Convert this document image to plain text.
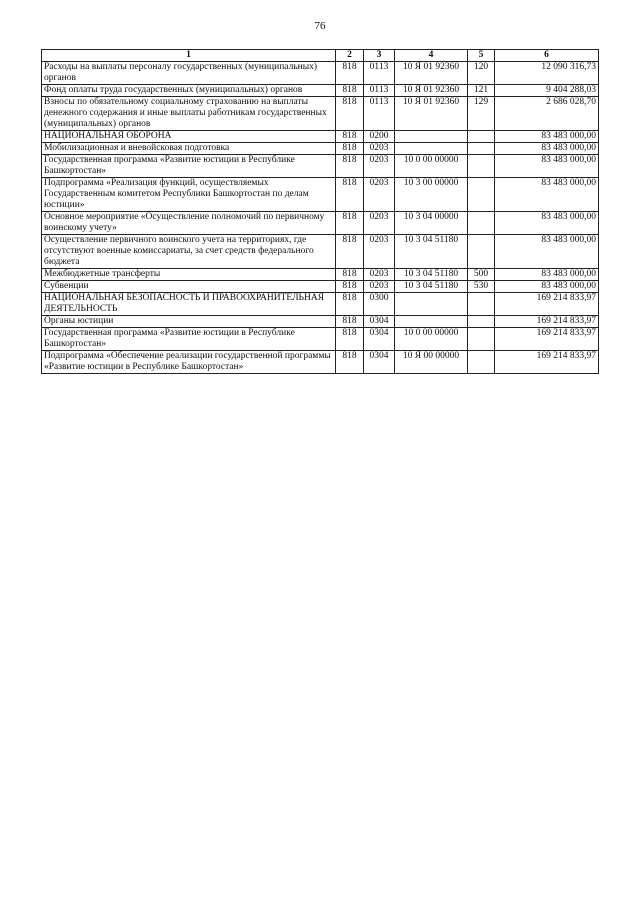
76
1	2	3	4	5	6
Расходы на выплаты персоналу государственных (муниципальных) органов	818	0113	10 Я 01 92360	120	12 090 316,73
Фонд оплаты труда государственных (муниципальных) органов	818	0113	10 Я 01 92360	121	9 404 288,03
Взносы по обязательному социальному страхованию на выплаты денежного содержания и иные выплаты работникам государственных (муниципальных) органов	818	0113	10 Я 01 92360	129	2 686 028,70
НАЦИОНАЛЬНАЯ ОБОРОНА	818	0200			83 483 000,00
Мобилизационная и вневойсковая подготовка	818	0203			83 483 000,00
Государственная программа «Развитие юстиции в Республике Башкортостан»	818	0203	10 0 00 00000		83 483 000,00
Подпрограмма «Реализация функций, осуществляемых Государственным комитетом Республики Башкортостан по делам юстиции»	818	0203	10 3 00 00000		83 483 000,00
Основное мероприятие «Осуществление полномочий по первичному воинскому учету»	818	0203	10 3 04 00000		83 483 000,00
Осуществление первичного воинского учета на территориях, где отсутствуют военные комиссариаты, за счет средств федерального бюджета	818	0203	10 3 04 51180		83 483 000,00
Межбюджетные трансферты	818	0203	10 3 04 51180	500	83 483 000,00
Субвенции	818	0203	10 3 04 51180	530	83 483 000,00
НАЦИОНАЛЬНАЯ БЕЗОПАСНОСТЬ И ПРАВООХРАНИТЕЛЬНАЯ ДЕЯТЕЛЬНОСТЬ	818	0300			169 214 833,97
Органы юстиции	818	0304			169 214 833,97
Государственная программа «Развитие юстиции в Республике Башкортостан»	818	0304	10 0 00 00000		169 214 833,97
Подпрограмма «Обеспечение реализации государственной программы «Развитие юстиции в Республике Башкортостан»	818	0304	10 Я 00 00000		169 214 833,97
